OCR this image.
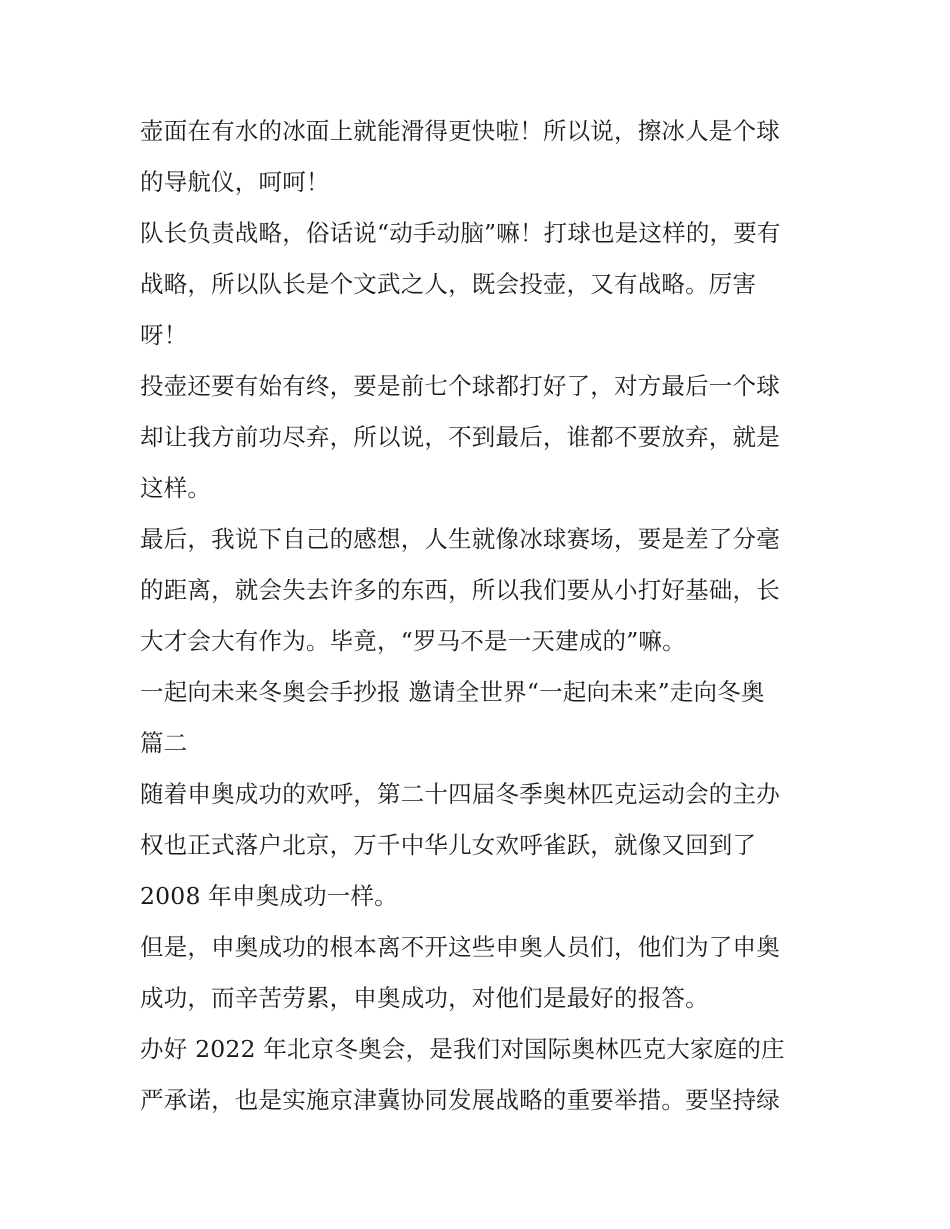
壶面在有水的冰面上就能滑得更快啦！所以说，擦冰人是个球
的导航仪，呵呵！
队长负责战略，俗话说“动手动脑”嘛！打球也是这样的，要有
战略，所以队长是个文武之人，既会投壶，又有战略。厉害
呀！
投壶还要有始有终，要是前七个球都打好了，对方最后一个球
却让我方前功尽弃，所以说，不到最后，谁都不要放弃，就是
这样。
最后，我说下自己的感想，人生就像冰球赛场，要是差了分毫
的距离，就会失去许多的东西，所以我们要从小打好基础，长
大才会大有作为。毕竟，“罗马不是一天建成的”嘛。
一起向未来冬奥会手抄报 邀请全世界“一起向未来”走向冬奥
篇二
随着申奥成功的欢呼，第二十四届冬季奥林匹克运动会的主办
权也正式落户北京，万千中华儿女欢呼雀跃，就像又回到了
2008 年申奥成功一样。
但是，申奥成功的根本离不开这些申奥人员们，他们为了申奥
成功，而辛苦劳累，申奥成功，对他们是最好的报答。
办好 2022 年北京冬奥会，是我们对国际奥林匹克大家庭的庄
严承诺，也是实施京津冀协同发展战略的重要举措。要坚持绿
